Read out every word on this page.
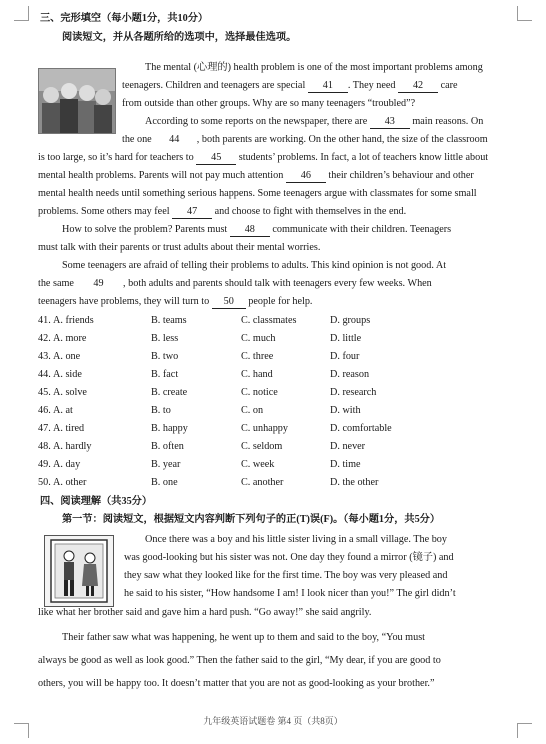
三、完形填空（每小题1分，共10分）
阅读短文，并从各题所给的选项中，选择最佳选项。
The mental (心理的) health problem is one of the most important problems among
teenagers. Children and teenagers are special 41 . They need 42 care
from outside than other groups. Why are so many teenagers “troubled”?
According to some reports on the newspaper, there are 43 main reasons. On
the one 44 , both parents are working. On the other hand, the size of the classroom
is too large, so it’s hard for teachers to 45 students’ problems. In fact, a lot of teachers know little about
mental health problems. Parents will not pay much attention 46 their children’s behaviour and other
mental health needs until something serious happens. Some teenagers argue with classmates for some small
problems. Some others may feel 47 and choose to fight with themselves in the end.
How to solve the problem? Parents must 48 communicate with their children. Teenagers
must talk with their parents or trust adults about their mental worries.
Some teenagers are afraid of telling their problems to adults. This kind opinion is not good. At
the same 49 , both adults and parents should talk with teenagers every few weeks. When
teenagers have problems, they will turn to 50 people for help.
41. A. friends	B. teams	C. classmates	D. groups
42. A. more	B. less	C. much	D. little
43. A. one	B. two	C. three	D. four
44. A. side	B. fact	C. hand	D. reason
45. A. solve	B. create	C. notice	D. research
46. A. at	B. to	C. on	D. with
47. A. tired	B. happy	C. unhappy	D. comfortable
48. A. hardly	B. often	C. seldom	D. never
49. A. day	B. year	C. week	D. time
50. A. other	B. one	C. another	D. the other
四、阅读理解（共35分）
第一节：阅读短文，根据短文内容判断下列句子的正(T)误(F)。（每小题1分，共5分）
Once there was a boy and his little sister living in a small village. The boy
was good-looking but his sister was not. One day they found a mirror (镜子) and
they saw what they looked like for the first time. The boy was very pleased and
he said to his sister, “How handsome I am! I look nicer than you!” The girl didn’t
like what her brother said and gave him a hard push. “Go away!” she said angrily.
Their father saw what was happening, he went up to them and said to the boy, “You must
always be good as well as look good.” Then the father said to the girl, “My dear, if you are good to
others, you will be happy too. It doesn’t matter that you are not as good-looking as your brother.”
九年级英语试题卷 第4 页（共8页）
